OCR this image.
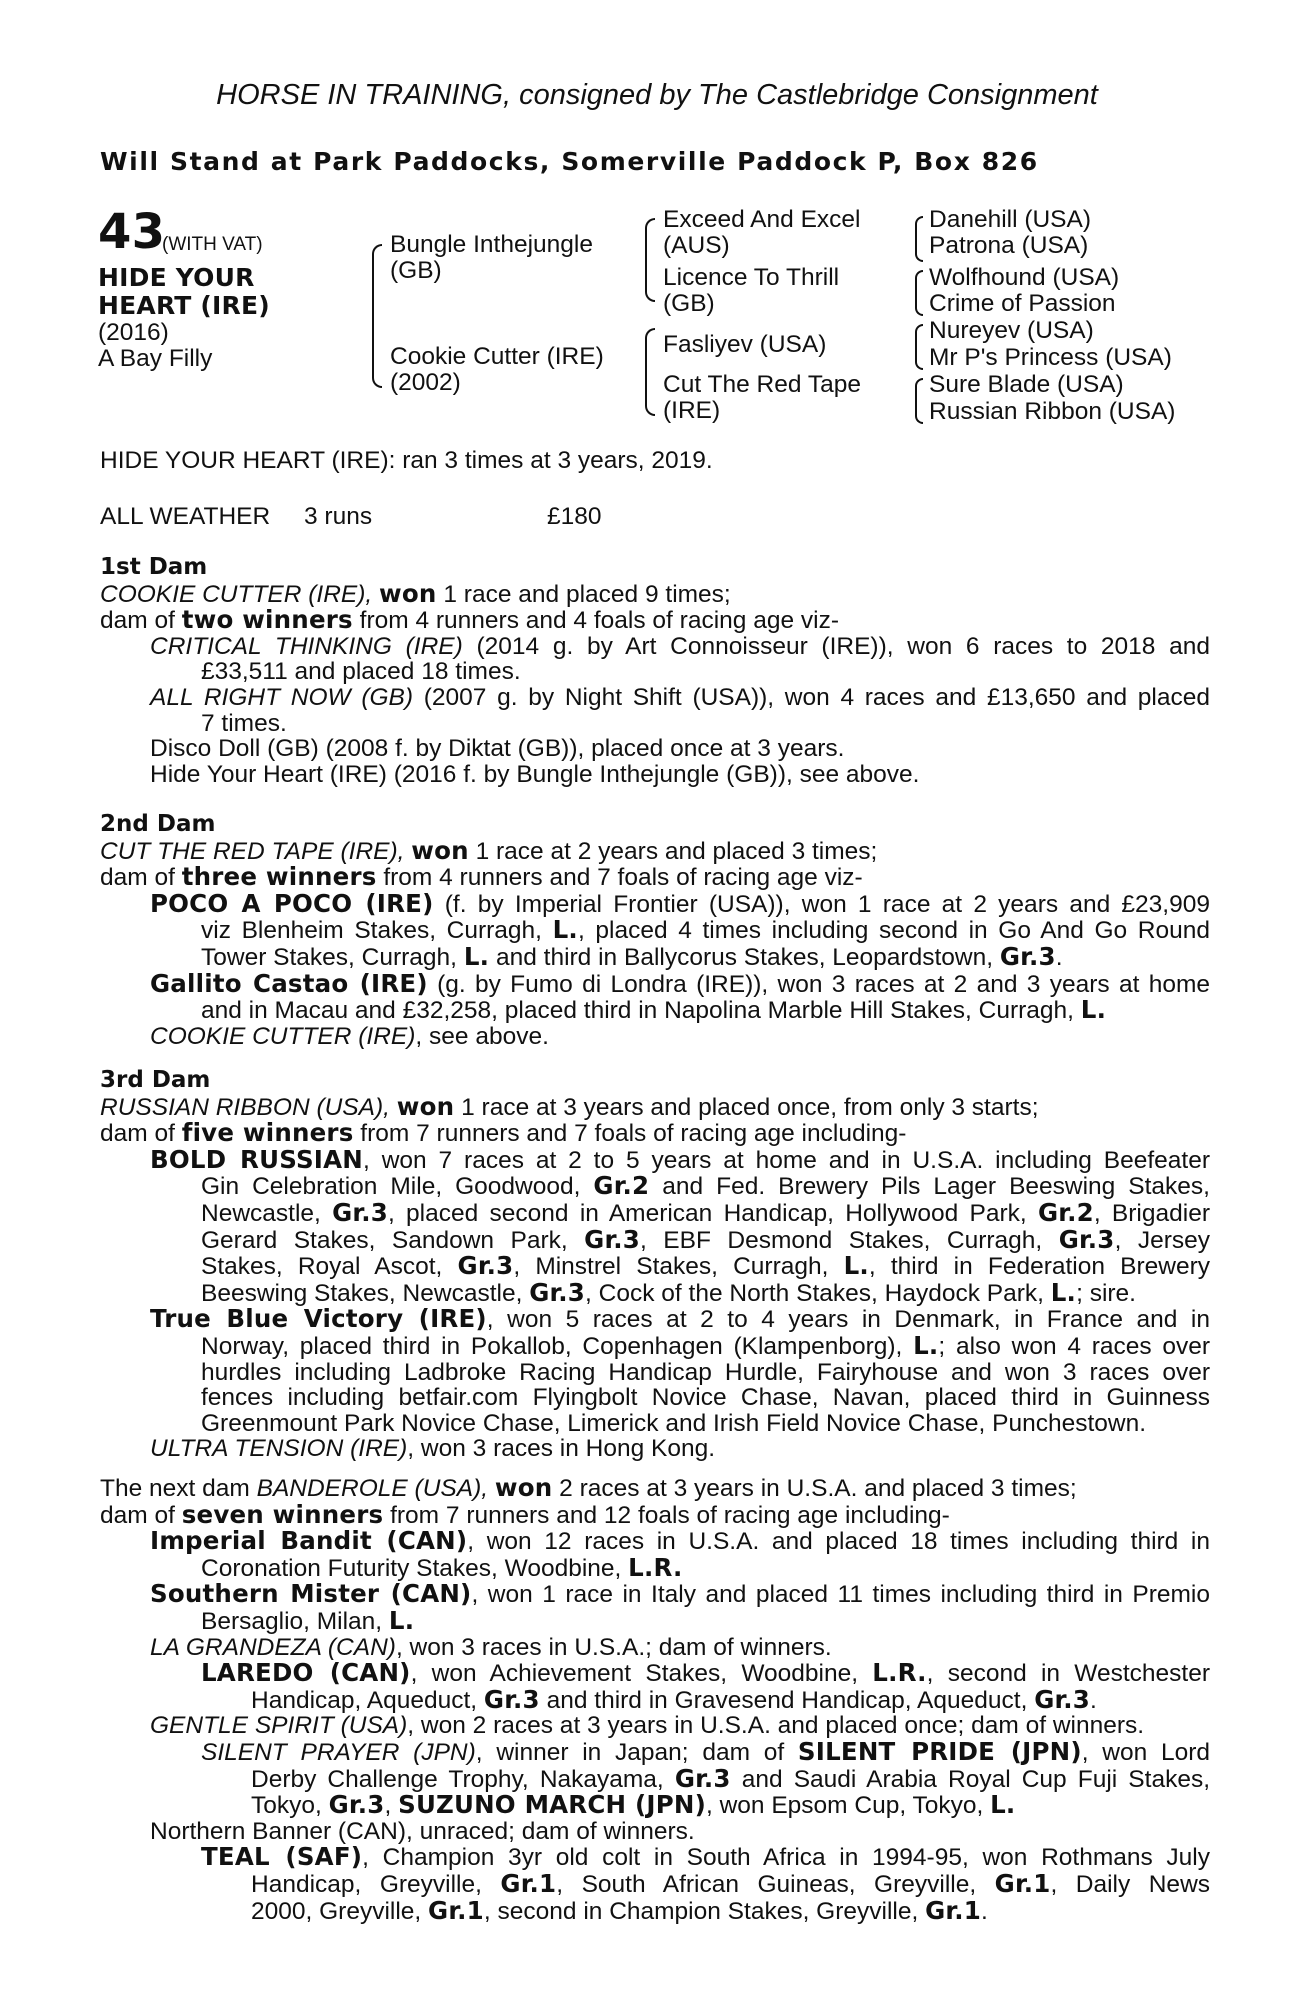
HORSE IN TRAINING, consigned by The Castlebridge Consignment
Will Stand at Park Paddocks, Somerville Paddock P, Box 826
43
(WITH VAT)
HIDE YOUR
HEART (IRE)
(2016)
A Bay Filly
Bungle Inthejungle
(GB)
Cookie Cutter (IRE)
(2002)
Exceed And Excel
(AUS)
Licence To Thrill
(GB)
Fasliyev (USA)
Cut The Red Tape
(IRE)
Danehill (USA)
Patrona (USA)
Wolfhound (USA)
Crime of Passion
Nureyev (USA)
Mr P's Princess (USA)
Sure Blade (USA)
Russian Ribbon (USA)
HIDE YOUR HEART (IRE): ran 3 times at 3 years, 2019.
ALL WEATHER 3 runs	£180
1st Dam
COOKIE CUTTER (IRE), won 1 race and placed 9 times;
dam of two winners from 4 runners and 4 foals of racing age viz-
CRITICAL THINKING (IRE) (2014 g. by Art Connoisseur (IRE)), won 6 races to 2018 and
£33,511 and placed 18 times.
ALL RIGHT NOW (GB) (2007 g. by Night Shift (USA)), won 4 races and £13,650 and placed
7 times.
Disco Doll (GB) (2008 f. by Diktat (GB)), placed once at 3 years.
Hide Your Heart (IRE) (2016 f. by Bungle Inthejungle (GB)), see above.
2nd Dam
CUT THE RED TAPE (IRE), won 1 race at 2 years and placed 3 times;
dam of three winners from 4 runners and 7 foals of racing age viz-
POCO A POCO (IRE) (f. by Imperial Frontier (USA)), won 1 race at 2 years and £23,909
viz Blenheim Stakes, Curragh, L., placed 4 times including second in Go And Go Round
Tower Stakes, Curragh, L. and third in Ballycorus Stakes, Leopardstown, Gr.3.
Gallito Castao (IRE) (g. by Fumo di Londra (IRE)), won 3 races at 2 and 3 years at home
and in Macau and £32,258, placed third in Napolina Marble Hill Stakes, Curragh, L.
COOKIE CUTTER (IRE), see above.
3rd Dam
RUSSIAN RIBBON (USA), won 1 race at 3 years and placed once, from only 3 starts;
dam of five winners from 7 runners and 7 foals of racing age including-
BOLD RUSSIAN, won 7 races at 2 to 5 years at home and in U.S.A. including Beefeater
Gin Celebration Mile, Goodwood, Gr.2 and Fed. Brewery Pils Lager Beeswing Stakes,
Newcastle, Gr.3, placed second in American Handicap, Hollywood Park, Gr.2, Brigadier
Gerard Stakes, Sandown Park, Gr.3, EBF Desmond Stakes, Curragh, Gr.3, Jersey
Stakes, Royal Ascot, Gr.3, Minstrel Stakes, Curragh, L., third in Federation Brewery
Beeswing Stakes, Newcastle, Gr.3, Cock of the North Stakes, Haydock Park, L.; sire.
True Blue Victory (IRE), won 5 races at 2 to 4 years in Denmark, in France and in
Norway, placed third in Pokallob, Copenhagen (Klampenborg), L.; also won 4 races over
hurdles including Ladbroke Racing Handicap Hurdle, Fairyhouse and won 3 races over
fences including betfair.com Flyingbolt Novice Chase, Navan, placed third in Guinness
Greenmount Park Novice Chase, Limerick and Irish Field Novice Chase, Punchestown.
ULTRA TENSION (IRE), won 3 races in Hong Kong.
The next dam BANDEROLE (USA), won 2 races at 3 years in U.S.A. and placed 3 times;
dam of seven winners from 7 runners and 12 foals of racing age including-
Imperial Bandit (CAN), won 12 races in U.S.A. and placed 18 times including third in
Coronation Futurity Stakes, Woodbine, L.R.
Southern Mister (CAN), won 1 race in Italy and placed 11 times including third in Premio
Bersaglio, Milan, L.
LA GRANDEZA (CAN), won 3 races in U.S.A.; dam of winners.
LAREDO (CAN), won Achievement Stakes, Woodbine, L.R., second in Westchester
Handicap, Aqueduct, Gr.3 and third in Gravesend Handicap, Aqueduct, Gr.3.
GENTLE SPIRIT (USA), won 2 races at 3 years in U.S.A. and placed once; dam of winners.
SILENT PRAYER (JPN), winner in Japan; dam of SILENT PRIDE (JPN), won Lord
Derby Challenge Trophy, Nakayama, Gr.3 and Saudi Arabia Royal Cup Fuji Stakes,
Tokyo, Gr.3, SUZUNO MARCH (JPN), won Epsom Cup, Tokyo, L.
Northern Banner (CAN), unraced; dam of winners.
TEAL (SAF), Champion 3yr old colt in South Africa in 1994-95, won Rothmans July
Handicap, Greyville, Gr.1, South African Guineas, Greyville, Gr.1, Daily News
2000, Greyville, Gr.1, second in Champion Stakes, Greyville, Gr.1.
